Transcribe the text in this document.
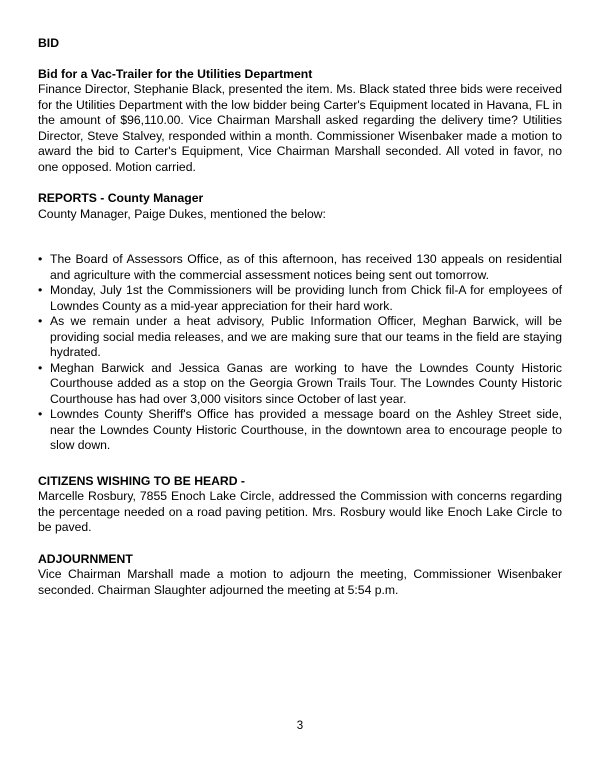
BID

Bid for a Vac-Trailer for the Utilities Department

Finance Director, Stephanie Black, presented the item. Ms. Black stated three bids were received for the Utilities Department with the low bidder being Carter's Equipment located in Havana, FL in the amount of $96,110.00. Vice Chairman Marshall asked regarding the delivery time? Utilities Director, Steve Stalvey, responded within a month. Commissioner Wisenbaker made a motion to award the bid to Carter's Equipment, Vice Chairman Marshall seconded. All voted in favor, no one opposed. Motion carried.

REPORTS - County Manager

County Manager, Paige Dukes, mentioned the below:

• The Board of Assessors Office, as of this afternoon, has received 130 appeals on residential and agriculture with the commercial assessment notices being sent out tomorrow.
• Monday, July 1st the Commissioners will be providing lunch from Chick fil-A for employees of Lowndes County as a mid-year appreciation for their hard work.
• As we remain under a heat advisory, Public Information Officer, Meghan Barwick, will be providing social media releases, and we are making sure that our teams in the field are staying hydrated.
• Meghan Barwick and Jessica Ganas are working to have the Lowndes County Historic Courthouse added as a stop on the Georgia Grown Trails Tour. The Lowndes County Historic Courthouse has had over 3,000 visitors since October of last year.
• Lowndes County Sheriff's Office has provided a message board on the Ashley Street side, near the Lowndes County Historic Courthouse, in the downtown area to encourage people to slow down.

CITIZENS WISHING TO BE HEARD -

Marcelle Rosbury, 7855 Enoch Lake Circle, addressed the Commission with concerns regarding the percentage needed on a road paving petition. Mrs. Rosbury would like Enoch Lake Circle to be paved.

ADJOURNMENT

Vice Chairman Marshall made a motion to adjourn the meeting, Commissioner Wisenbaker seconded. Chairman Slaughter adjourned the meeting at 5:54 p.m.

3
